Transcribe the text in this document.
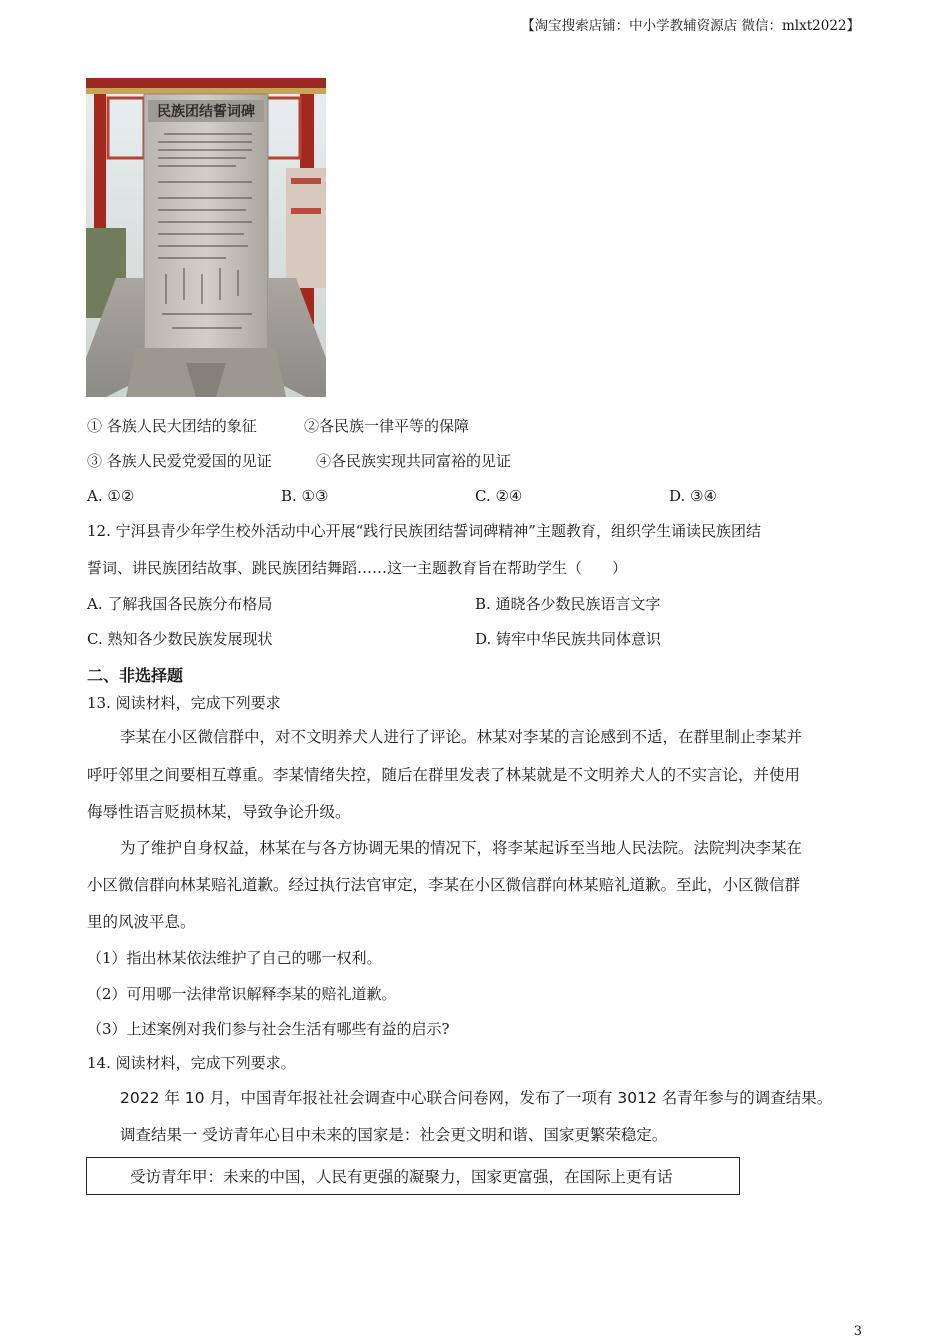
【淘宝搜索店铺：中小学教辅资源店 微信：mlxt2022】
民族团结誓词碑
① 各族人民大团结的象征	②各民族一律平等的保障
③ 各族人民爱党爱国的见证	④各民族实现共同富裕的见证
A. ①②	B. ①③	C. ②④	D. ③④
12. 宁洱县青少年学生校外活动中心开展“践行民族团结誓词碑精神”主题教育，组织学生诵读民族团结
誓词、讲民族团结故事、跳民族团结舞蹈……这一主题教育旨在帮助学生（　　）
A. 了解我国各民族分布格局	B. 通晓各少数民族语言文字
C. 熟知各少数民族发展现状	D. 铸牢中华民族共同体意识
二、非选择题
13. 阅读材料，完成下列要求
李某在小区微信群中，对不文明养犬人进行了评论。林某对李某的言论感到不适，在群里制止李某并
呼吁邻里之间要相互尊重。李某情绪失控，随后在群里发表了林某就是不文明养犬人的不实言论，并使用
侮辱性语言贬损林某，导致争论升级。
为了维护自身权益，林某在与各方协调无果的情况下，将李某起诉至当地人民法院。法院判决李某在
小区微信群向林某赔礼道歉。经过执行法官审定，李某在小区微信群向林某赔礼道歉。至此，小区微信群
里的风波平息。
（1）指出林某依法维护了自己的哪一权利。
（2）可用哪一法律常识解释李某的赔礼道歉。
（3）上述案例对我们参与社会生活有哪些有益的启示?
14. 阅读材料，完成下列要求。
2022 年 10 月，中国青年报社社会调查中心联合问卷网，发布了一项有 3012 名青年参与的调查结果。
调查结果一 受访青年心目中未来的国家是：社会更文明和谐、国家更繁荣稳定。
受访青年甲：未来的中国，人民有更强的凝聚力，国家更富强，在国际上更有话
3
